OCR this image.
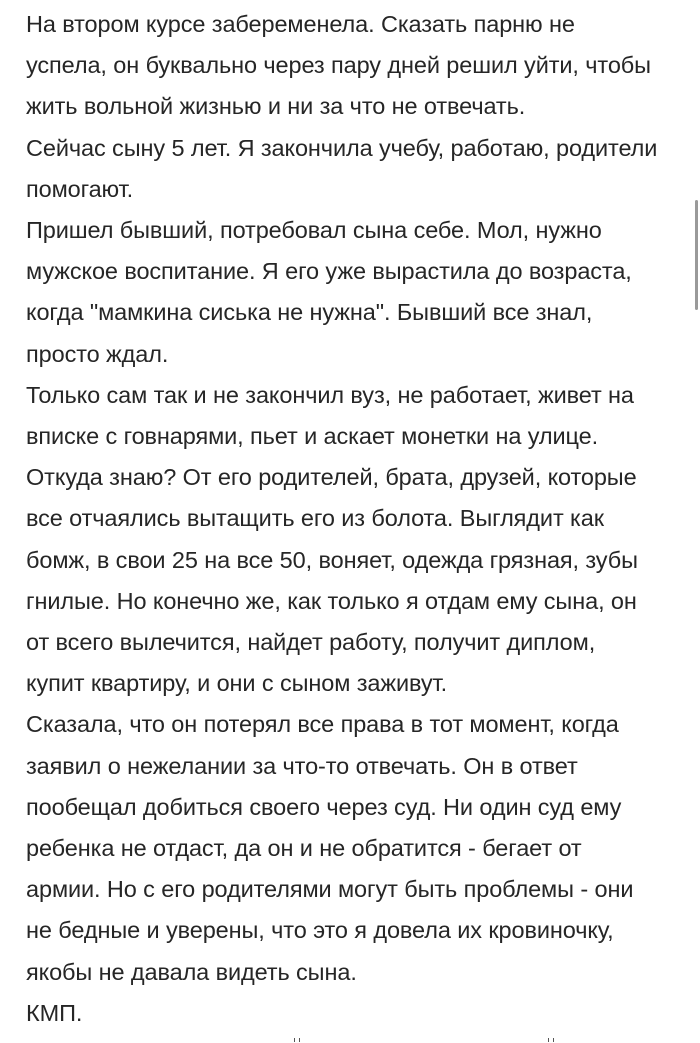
На втором курсе забеременела. Сказать парню не
успела, он буквально через пару дней решил уйти, чтобы
жить вольной жизнью и ни за что не отвечать.
Сейчас сыну 5 лет. Я закончила учебу, работаю, родители
помогают.
Пришел бывший, потребовал сына себе. Мол, нужно
мужское воспитание. Я его уже вырастила до возраста,
когда "мамкина сиська не нужна". Бывший все знал,
просто ждал.
Только сам так и не закончил вуз, не работает, живет на
вписке с говнарями, пьет и аскает монетки на улице.
Откуда знаю? От его родителей, брата, друзей, которые
все отчаялись вытащить его из болота. Выглядит как
бомж, в свои 25 на все 50, воняет, одежда грязная, зубы
гнилые. Но конечно же, как только я отдам ему сына, он
от всего вылечится, найдет работу, получит диплом,
купит квартиру, и они с сыном заживут.
Сказала, что он потерял все права в тот момент, когда
заявил о нежелании за что-то отвечать. Он в ответ
пообещал добиться своего через суд. Ни один суд ему
ребенка не отдаст, да он и не обратится - бегает от
армии. Но с его родителями могут быть проблемы - они
не бедные и уверены, что это я довела их кровиночку,
якобы не давала видеть сына.
КМП.
